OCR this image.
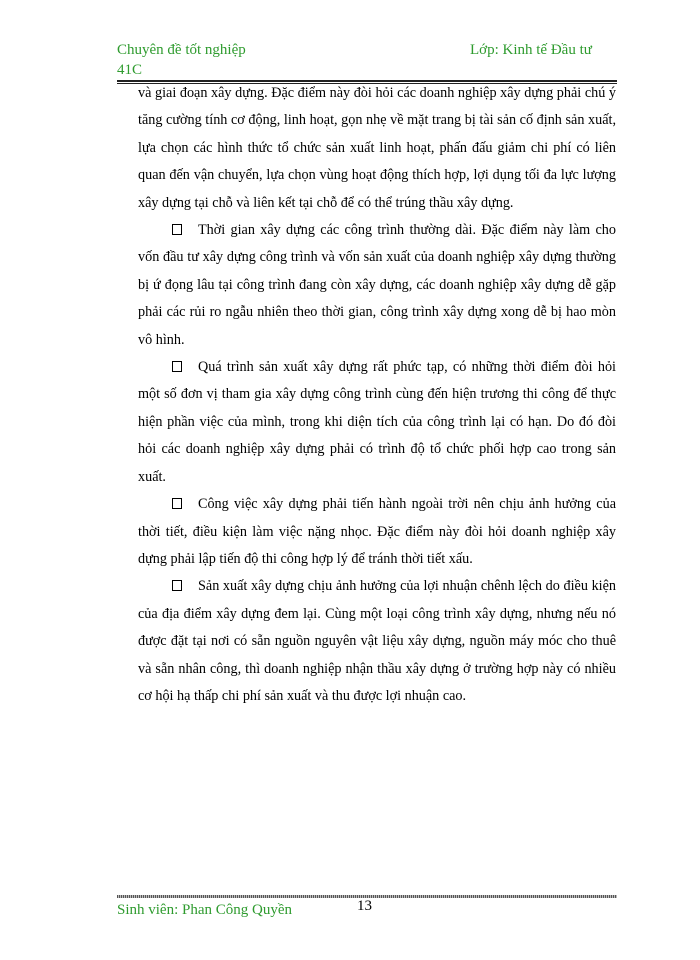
Chuyên đề tốt nghiệp
41C
Lớp: Kinh tế Đầu tư

và giai đoạn xây dựng. Đặc điểm này đòi hỏi các doanh nghiệp xây dựng phải chú ý tăng cường tính cơ động, linh hoạt, gọn nhẹ về mặt trang bị tài sản cố định sản xuất, lựa chọn các hình thức tổ chức sản xuất linh hoạt, phấn đấu giảm chi phí có liên quan đến vận chuyển, lựa chọn vùng hoạt động thích hợp, lợi dụng tối đa lực lượng xây dựng tại chỗ và liên kết tại chỗ để có thể trúng thầu xây dựng.

Thời gian xây dựng các công trình thường dài. Đặc điểm này làm cho vốn đầu tư xây dựng công trình và vốn sản xuất của doanh nghiệp xây dựng thường bị ứ đọng lâu tại công trình đang còn xây dựng, các doanh nghiệp xây dựng dễ gặp phải các rủi ro ngẫu nhiên theo thời gian, công trình xây dựng xong dễ bị hao mòn vô hình.

Quá trình sản xuất xây dựng rất phức tạp, có những thời điểm đòi hỏi một số đơn vị tham gia xây dựng công trình cùng đến hiện trương thi công để thực hiện phần việc của mình, trong khi diện tích của công trình lại có hạn. Do đó đòi hỏi các doanh nghiệp xây dựng phải có trình độ tổ chức phối hợp cao trong sản xuất.

Công việc xây dựng phải tiến hành ngoài trời nên chịu ảnh hưởng của thời tiết, điều kiện làm việc nặng nhọc. Đặc điểm này đòi hỏi doanh nghiệp xây dựng phải lập tiến độ thi công hợp lý để tránh thời tiết xấu.

Sản xuất xây dựng chịu ảnh hưởng của lợi nhuận chênh lệch do điều kiện của địa điểm xây dựng đem lại. Cùng một loại công trình xây dựng, nhưng nếu nó được đặt tại nơi có sẵn nguồn nguyên vật liệu xây dựng, nguồn máy móc cho thuê và sẵn nhân công, thì doanh nghiệp nhận thầu xây dựng ở trường hợp này có nhiều cơ hội hạ thấp chi phí sản xuất và thu được lợi nhuận cao.

Sinh viên: Phan Công Quyền	13
